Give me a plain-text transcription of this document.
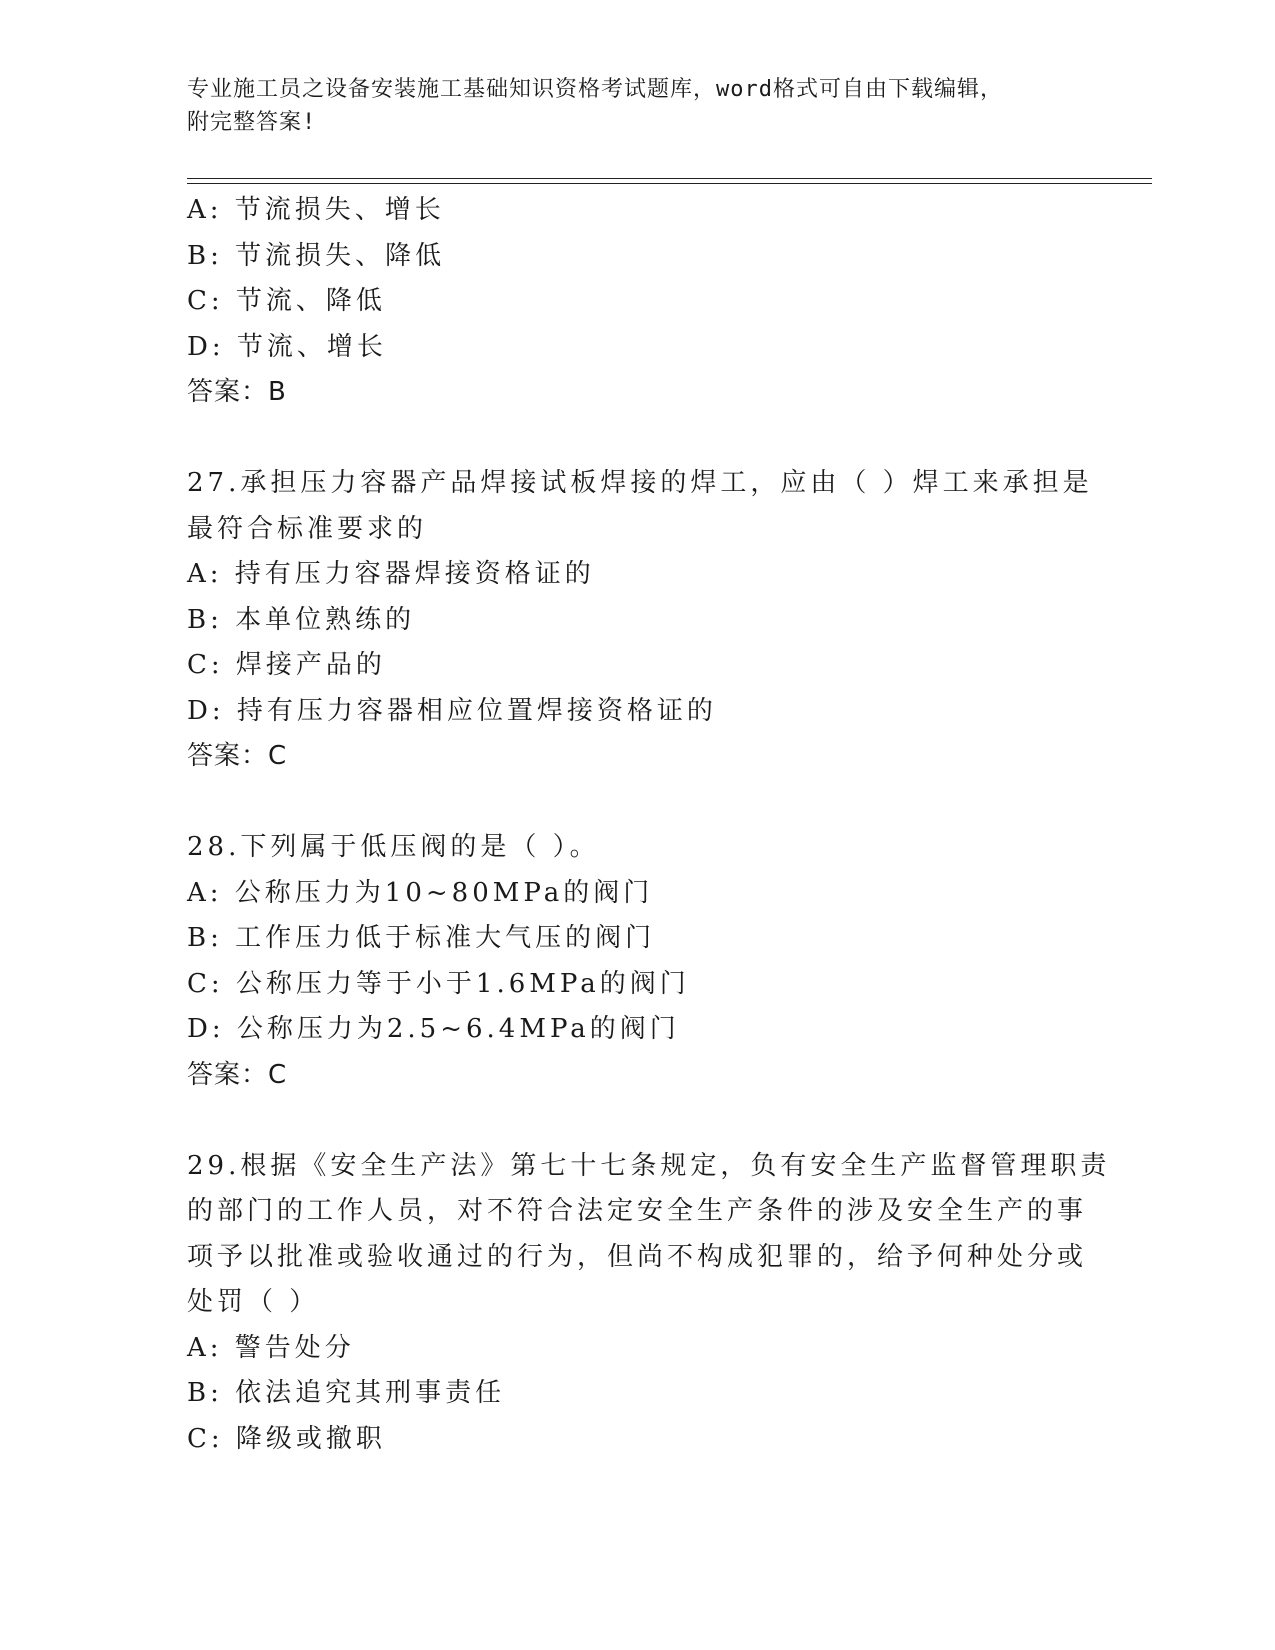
专业施工员之设备安装施工基础知识资格考试题库，word格式可自由下载编辑，
附完整答案!
A: 节流损失、增长
B: 节流损失、降低
C: 节流、降低
D: 节流、增长
答案：B
27.承担压力容器产品焊接试板焊接的焊工，应由（ ）焊工来承担是
最符合标准要求的
A: 持有压力容器焊接资格证的
B: 本单位熟练的
C: 焊接产品的
D: 持有压力容器相应位置焊接资格证的
答案：C
28.下列属于低压阀的是（ ）。
A: 公称压力为10~80MPa的阀门
B: 工作压力低于标准大气压的阀门
C: 公称压力等于小于1.6MPa的阀门
D: 公称压力为2.5~6.4MPa的阀门
答案：C
29.根据《安全生产法》第七十七条规定，负有安全生产监督管理职责
的部门的工作人员，对不符合法定安全生产条件的涉及安全生产的事
项予以批准或验收通过的行为，但尚不构成犯罪的，给予何种处分或
处罚（ ）
A: 警告处分
B: 依法追究其刑事责任
C: 降级或撤职
